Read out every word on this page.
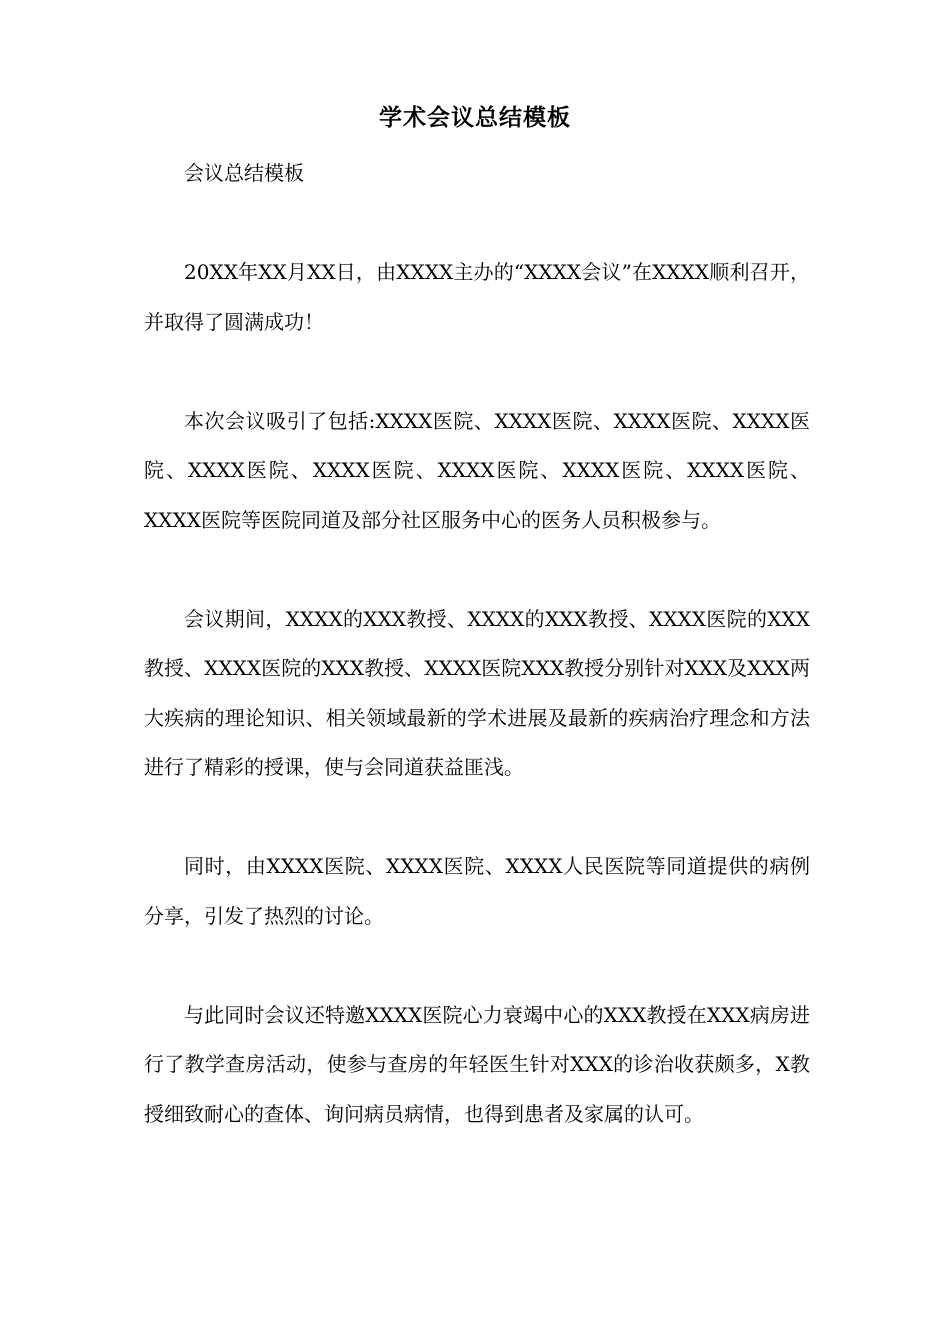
学术会议总结模板

会议总结模板

20XX年XX月XX日，由XXXX主办的“XXXX会议”在XXXX顺利召开，并取得了圆满成功！

本次会议吸引了包括:XXXX医院、XXXX医院、XXXX医院、XXXX医院、XXXX医院、XXXX医院、XXXX医院、XXXX医院、XXXX医院、XXXX医院等医院同道及部分社区服务中心的医务人员积极参与。

会议期间，XXXX的XXX教授、XXXX的XXX教授、XXXX医院的XXX教授、XXXX医院的XXX教授、XXXX医院XXX教授分别针对XXX及XXX两大疾病的理论知识、相关领域最新的学术进展及最新的疾病治疗理念和方法进行了精彩的授课，使与会同道获益匪浅。

同时，由XXXX医院、XXXX医院、XXXX人民医院等同道提供的病例分享，引发了热烈的讨论。

与此同时会议还特邀XXXX医院心力衰竭中心的XXX教授在XXX病房进行了教学查房活动，使参与查房的年轻医生针对XXX的诊治收获颇多，X教授细致耐心的查体、询问病员病情，也得到患者及家属的认可。
